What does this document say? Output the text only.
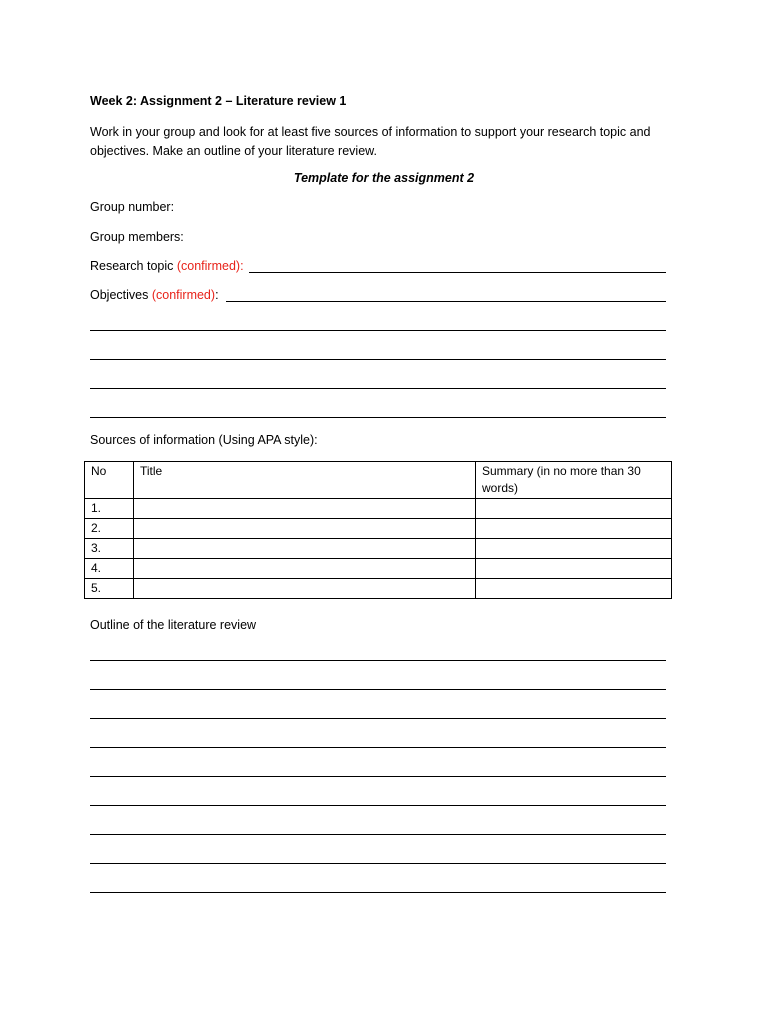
Week 2: Assignment 2 – Literature review 1
Work in your group and look for at least five sources of information to support your research topic and objectives. Make an outline of your literature review.
Template for the assignment 2
Group number:
Group members:
Research topic (confirmed):
Objectives (confirmed):
Sources of information (Using APA style):
No	Title	Summary (in no more than 30 words)
1.		
2.		
3.		
4.		
5.		
Outline of the literature review
